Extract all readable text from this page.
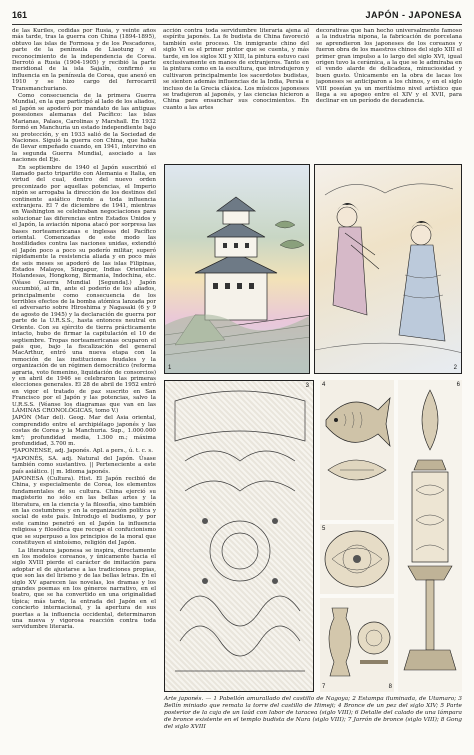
161	JAPÓN - JAPONESA

de las Kuriles, cedidas por Rusia, y veinte años más tarde, tras la guerra con China (1894-1895), obtuvo las islas de Formosa y de los Pescadores, parte de la península de Liaotung y el reconocimiento de la independencia de Corea. Derrotó a Rusia (1904-1905) y recibió la parte meridional de la isla Sajalín, confirmó su influencia en la península de Corea, que anexó en 1910 y se hizo cargo del ferrocarril Transmanchuriano.

Como consecuencia de la primera Guerra Mundial, en la que participó al lado de los aliados, el Japón se apoderó por mandato de las antiguas posesiones alemanas del Pacífico: las islas Marianas, Palaos, Carolinas y Marshall. En 1932 formó en Manchuria un estado independiente bajo su protección, y en 1933 salió de la Sociedad de Naciones. Siguió la guerra con China, que había de llevar empeñado cuando, en 1941, intervino en la segunda Guerra Mundial, asociado a las naciones del Eje.

En septiembre de 1940 el Japón suscribió el llamado pacto tripartito con Alemania e Italia, en virtud del cual, dentro del nuevo orden preconizado por aquellas potencias, el Imperio nipón se arrogaba la dirección de los destinos del continente asiático frente a toda influencia extranjera. El 7 de diciembre de 1941, mientras en Washington se celebraban negociaciones para solucionar las diferencias entre Estados Unidos y el Japón, la aviación nipona atacó por sorpresa las bases norteamericanas e inglesas del Pacífico oriental. Comenzadas de este modo las hostilidades contra las naciones unidas, extendió el Japón poco a poco su poderío militar, superó rápidamente la resistencia aliada y en poco más de seis meses se apoderó de las islas Filipinas, Estados Malayos, Singapur, Indias Orientales Holandesas, Hongkong, Birmania, Indochina, etc. (Véase Guerra Mundial [Segunda].) Japón sucumbió, al fin, ante el poderío de los aliados, principalmente como consecuencia de los terribles efectos de la bomba atómica lanzada por el adversario sobre Hiroshima y Nagasaki (6 y 9 de agosto de 1945) y la declaración de guerra por parte de la U.R.S.S., hasta entonces neutral en Oriente. Con su ejército de tierra prácticamente intacto, hubo de firmar la capitulación el 10 de septiembre. Tropas norteamericanas ocuparon el país que, bajo la fiscalización del general MacArthur, entró una nueva etapa con la remoción de las instituciones feudales y la organización de un régimen democrático (reforma agraria, voto femenino, liquidación de consorcios) y en abril de 1946 se celebraron las primeras elecciones generales. El 28 de abril de 1952 entró en vigor el tratado de paz suscrito en San Francisco por el Japón y las potencias, salvo la U.R.S.S. (Véanse los diagramas que van en las LÁMINAS CRONOLÓGICAS, tomo V.)

JAPÓN (Mar del). Geog. Mar del Asia oriental, comprendido entre el archipiélago japonés y las costas de Corea y la Manchuria. Sup., 1.000.000 km²; profundidad media, 1.300 m.; máxima profundidad, 3.700 m.

*JAPONENSE, adj. Japonés. Apl. a pers., ú. t. c. s.

*JAPONÉS, SA. adj. Natural del Japón. Úsase también como sustantivo. || Perteneciente a este país asiático. || m. Idioma japonés.

JAPONESA (Cultura). Hist. El Japón recibió de China, y especialmente de Corea, los elementos fundamentales de su cultura. China ejerció su magisterio no sólo en las bellas artes y la literatura, en la ciencia y la filosofía, sino también en las costumbres y en la organización política y social de este país. Introdujo el budismo, y por este camino penetró en el Japón la influencia religiosa y filosófica que recoge el confucionismo que se superpuso a los principios de la moral que constituyen el sintoísmo, religión del Japón.

La literatura japonesa se inspira, directamente en los modelos coreanos, y únicamente hacia el siglo XVIII pierde el carácter de imitación para adoptar el de ajustarse a las tradiciones propias, que son las del lirismo y de las bellas letras. En el siglo XV aparecen las novelas, los dramas y los grandes poemas en los géneros narrativo, en el teatro, que se ha convertido en una originalidad típica; más tarde, la entrada del Japón en el concierto internacional, y la apertura de sus puertas a la influencia occidental, determinaron una nueva y vigorosa reacción contra toda servidumbre literaria.

acción contra toda servidumbre literaria ajena al espíritu japonés. La fe budista de China favoreció también este proceso. Un inmigrante chino del siglo VI es el primer pintor que se cuenta, y más tarde, en los siglos XII y XIII, la pintura estuvo casi exclusivamente en manos de extranjeros. Tanto en la pintura como en la escultura, que introdujeron y cultivaron principalmente los sacerdotes budistas, se sienten además influencias de la India, Persia e incluso de la Grecia clásica. Los músicos japoneses se tradujeron al japonés, y las ciencias hicieron a China para ensanchar sus conocimientos. En cuanto a las artes

decorativas que han hecho universalmente famoso a la industria nipona, la fabricación de porcelana se aprendieron los japoneses de los coreanos y fueron obra de los maestros chinos del siglo XIII el primer gran impulso a lo largo del siglo XVI, igual origen tuvo la cerámica, a la que se le admiraba en el vendo alarde de delicadeza, minuciosidad y buen gusto. Únicamente en la obra de lacas los japoneses se anticiparon a los chinos, y en el siglo VIII poseían ya un meritísimo nivel artístico que llega a su apogeo entre el XIV y el XVII, para declinar en un período de decadencia.

1	2
3 4
5
6
7	8
Arte japonés. — 1 Pabellón amurallado del castillo de Nagoya; 2 Estampa iluminada, de Utamaro; 3 Bellín miniado que remata la torre del castillo de Himeji; 4 Bronce de un pez del siglo XIV; 5 Parte posterior de la caja de un laúd con labor de taracea (siglo VIII); 6 Detalle del calado de una lámpara de bronce existente en el templo budista de Nara (siglo VIII); 7 Jarrón de bronce (siglo VIII); 8 Gong del siglo XVIII
